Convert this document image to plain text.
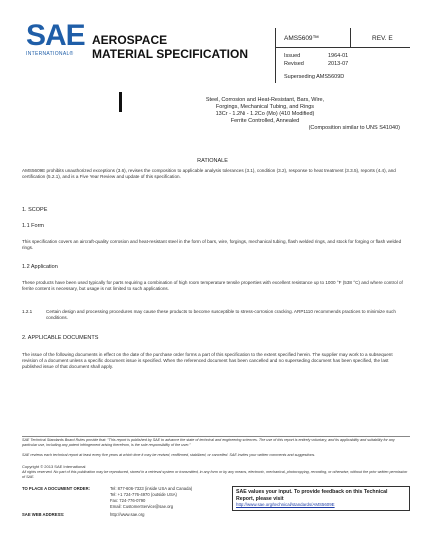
SAE
INTERNATIONAL®
AEROSPACE
MATERIAL SPECIFICATION
AMS5609™	REV. E
Issued	1964-01
Revised	2013-07
Superseding AMS5609D
Steel, Corrosion and Heat-Resistant, Bars, Wire,
Forgings, Mechanical Tubing, and Rings
13Cr - 1.2Ni - 1.2Co (Mo) (410 Modified)
Ferrite Controlled, Annealed
(Composition similar to UNS S41040)
RATIONALE
AMS5609E prohibits unauthorized exceptions (3.6), revises the composition to applicable analysis tolerances (3.1), condition (3.2), response to heat treatment (3.3.5), reports (4.4), and certification (5.2.1), and is a Five Year Review and update of this specification.
1. SCOPE
1.1 Form
This specification covers an aircraft-quality corrosion and heat-resistant steel in the form of bars, wire, forgings, mechanical tubing, flash welded rings, and stock for forging or flash welded rings.
1.2 Application
These products have been used typically for parts requiring a combination of high room temperature tensile properties with excellent resistance up to 1000 °F (538 °C) and where control of ferrite content is necessary, but usage is not limited to such applications.
1.2.1	Certain design and processing procedures may cause these products to become susceptible to stress-corrosion cracking. ARP1110 recommends practices to minimize such conditions.
2. APPLICABLE DOCUMENTS
The issue of the following documents in effect on the date of the purchase order forms a part of this specification to the extent specified herein. The supplier may work to a subsequent revision of a document unless a specific document issue is specified. When the referenced document has been cancelled and no superseding document has been specified, the last published issue of that document shall apply.
SAE Technical Standards Board Rules provide that: "This report is published by SAE to advance the state of technical and engineering sciences. The use of this report is entirely voluntary, and its applicability and suitability for any particular use, including any patent infringement arising therefrom, is the sole responsibility of the user."
SAE reviews each technical report at least every five years at which time it may be revised, reaffirmed, stabilized, or cancelled. SAE invites your written comments and suggestions.
Copyright © 2013 SAE International
All rights reserved. No part of this publication may be reproduced, stored in a retrieval system or transmitted, in any form or by any means, electronic, mechanical, photocopying, recording, or otherwise, without the prior written permission of SAE.
TO PLACE A DOCUMENT ORDER:	Tel: 877-606-7323 (inside USA and Canada)
Tel: +1 724-776-4970 (outside USA)
Fax: 724-776-0790
Email: CustomerService@sae.org
SAE WEB ADDRESS:	http://www.sae.org
SAE values your input. To provide feedback on this Technical Report, please visit
http://www.sae.org/technical/standards/AMS5609E
